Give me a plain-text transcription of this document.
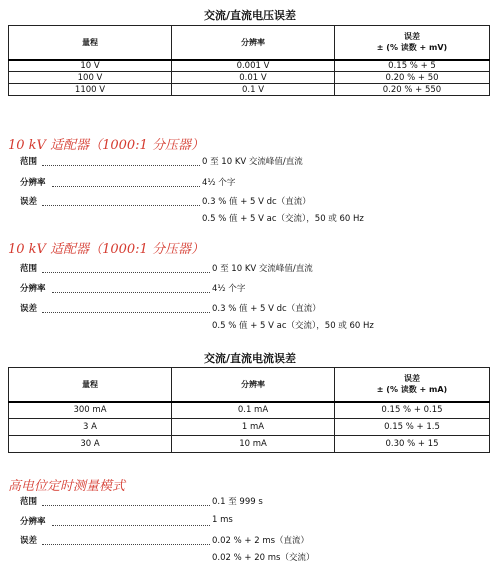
交流/直流电压误差
量程	分辨率	误差
± (% 读数 + mV)

10 V	0.001 V	0.15 % + 5
100 V	0.01 V	0.20 % + 50
1100 V	0.1 V	0.20 % + 550
10 kV 适配器（1000:1 分压器）
范围	0 至 10 KV 交流峰值/直流
分辨率	4½ 个字
误差	0.3 % 值 + 5 V dc（直流）
0.5 % 值 + 5 V ac（交流），50 或 60 Hz
10 kV 适配器（1000:1 分压器）
范围	0 至 10 KV 交流峰值/直流
分辨率	4½ 个字
误差	0.3 % 值 + 5 V dc（直流）
0.5 % 值 + 5 V ac（交流），50 或 60 Hz
交流/直流电流误差
量程	分辨率	误差
± (% 读数 + mA)

300 mA	0.1 mA	0.15 % + 0.15
3 A	1 mA	0.15 % + 1.5
30 A	10 mA	0.30 % + 15
高电位定时测量模式
范围	0.1 至 999 s
分辨率	1 ms
误差	0.02 % + 2 ms（直流）
0.02 % + 20 ms（交流）
